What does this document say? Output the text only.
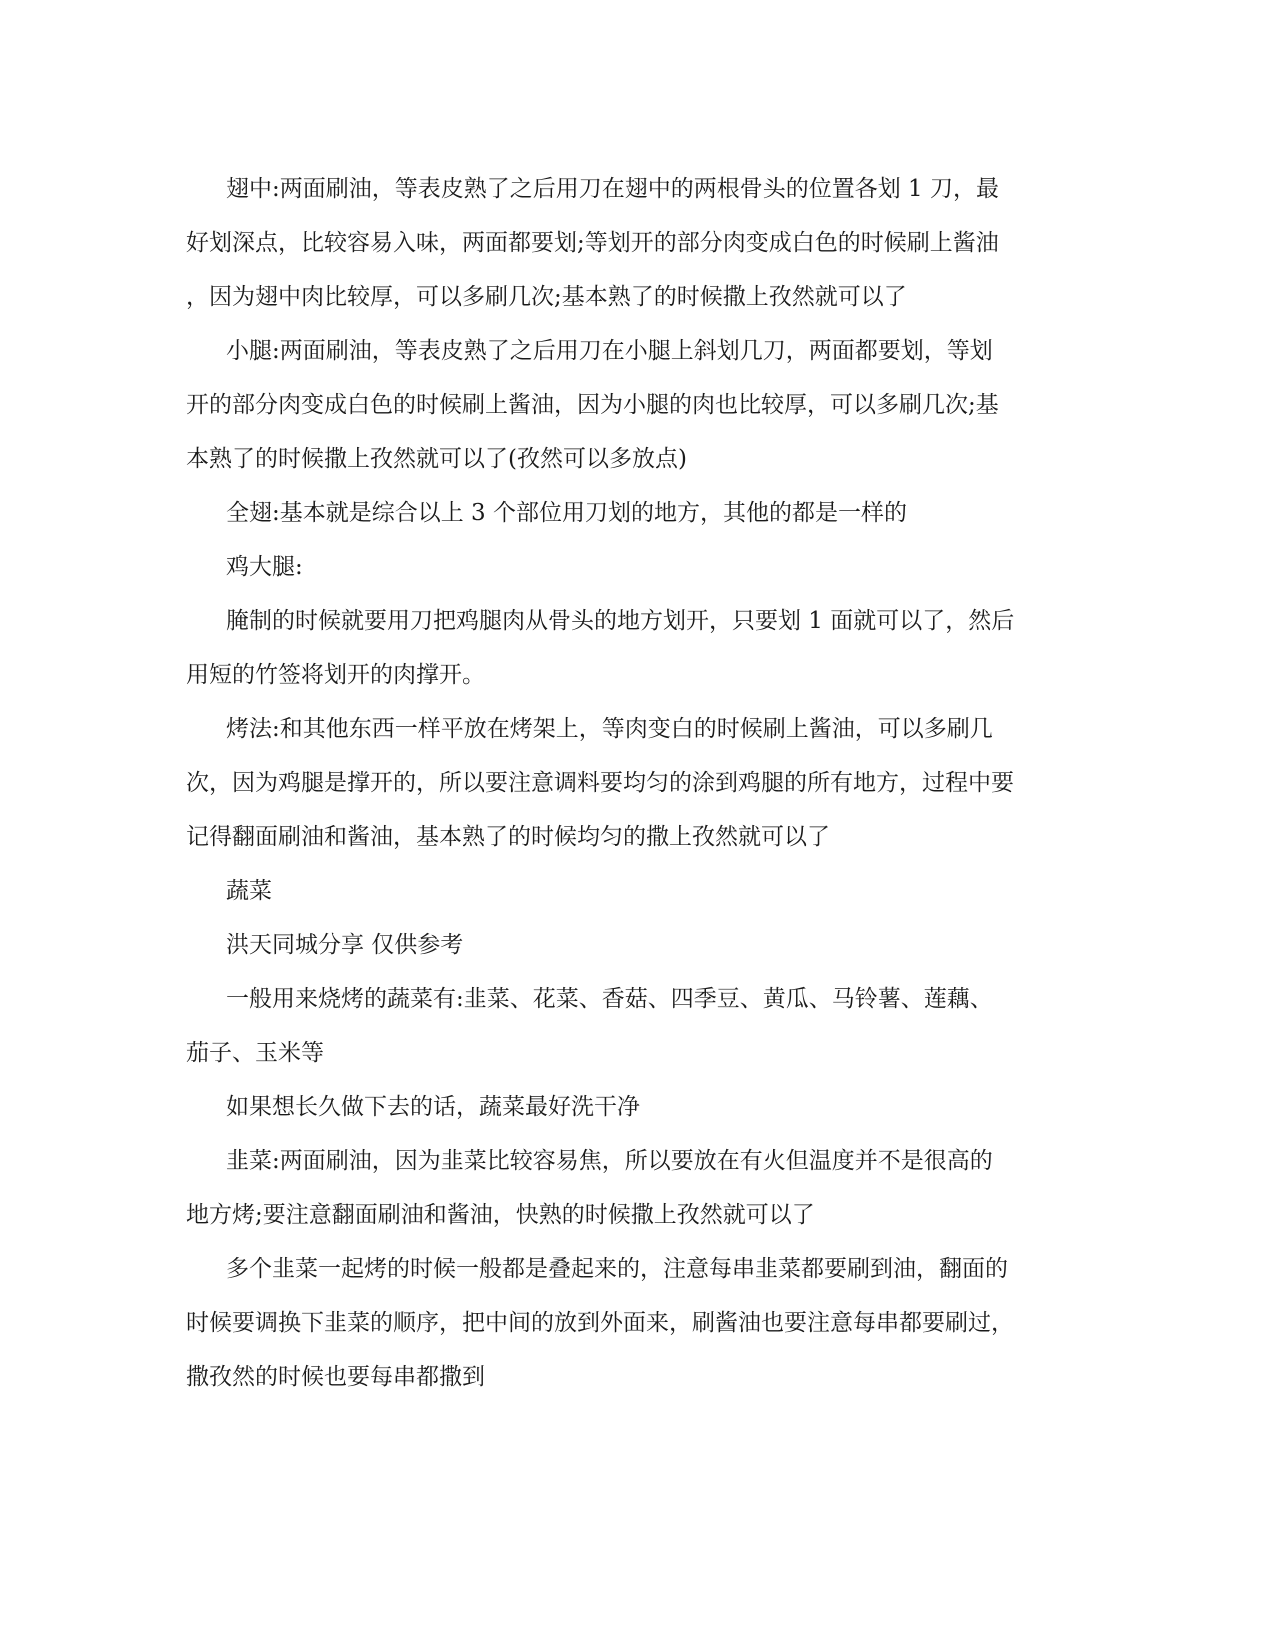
翅中:两面刷油，等表皮熟了之后用刀在翅中的两根骨头的位置各划 1 刀，最
好划深点，比较容易入味，两面都要划;等划开的部分肉变成白色的时候刷上酱油
，因为翅中肉比较厚，可以多刷几次;基本熟了的时候撒上孜然就可以了
小腿:两面刷油，等表皮熟了之后用刀在小腿上斜划几刀，两面都要划，等划
开的部分肉变成白色的时候刷上酱油，因为小腿的肉也比较厚，可以多刷几次;基
本熟了的时候撒上孜然就可以了(孜然可以多放点)
全翅:基本就是综合以上 3 个部位用刀划的地方，其他的都是一样的
鸡大腿:
腌制的时候就要用刀把鸡腿肉从骨头的地方划开，只要划 1 面就可以了，然后
用短的竹签将划开的肉撑开。
烤法:和其他东西一样平放在烤架上，等肉变白的时候刷上酱油，可以多刷几
次，因为鸡腿是撑开的，所以要注意调料要均匀的涂到鸡腿的所有地方，过程中要
记得翻面刷油和酱油，基本熟了的时候均匀的撒上孜然就可以了
蔬菜
洪天同城分享 仅供参考
一般用来烧烤的蔬菜有:韭菜、花菜、香菇、四季豆、黄瓜、马铃薯、莲藕、
茄子、玉米等
如果想长久做下去的话，蔬菜最好洗干净
韭菜:两面刷油，因为韭菜比较容易焦，所以要放在有火但温度并不是很高的
地方烤;要注意翻面刷油和酱油，快熟的时候撒上孜然就可以了
多个韭菜一起烤的时候一般都是叠起来的，注意每串韭菜都要刷到油，翻面的
时候要调换下韭菜的顺序，把中间的放到外面来，刷酱油也要注意每串都要刷过，
撒孜然的时候也要每串都撒到
